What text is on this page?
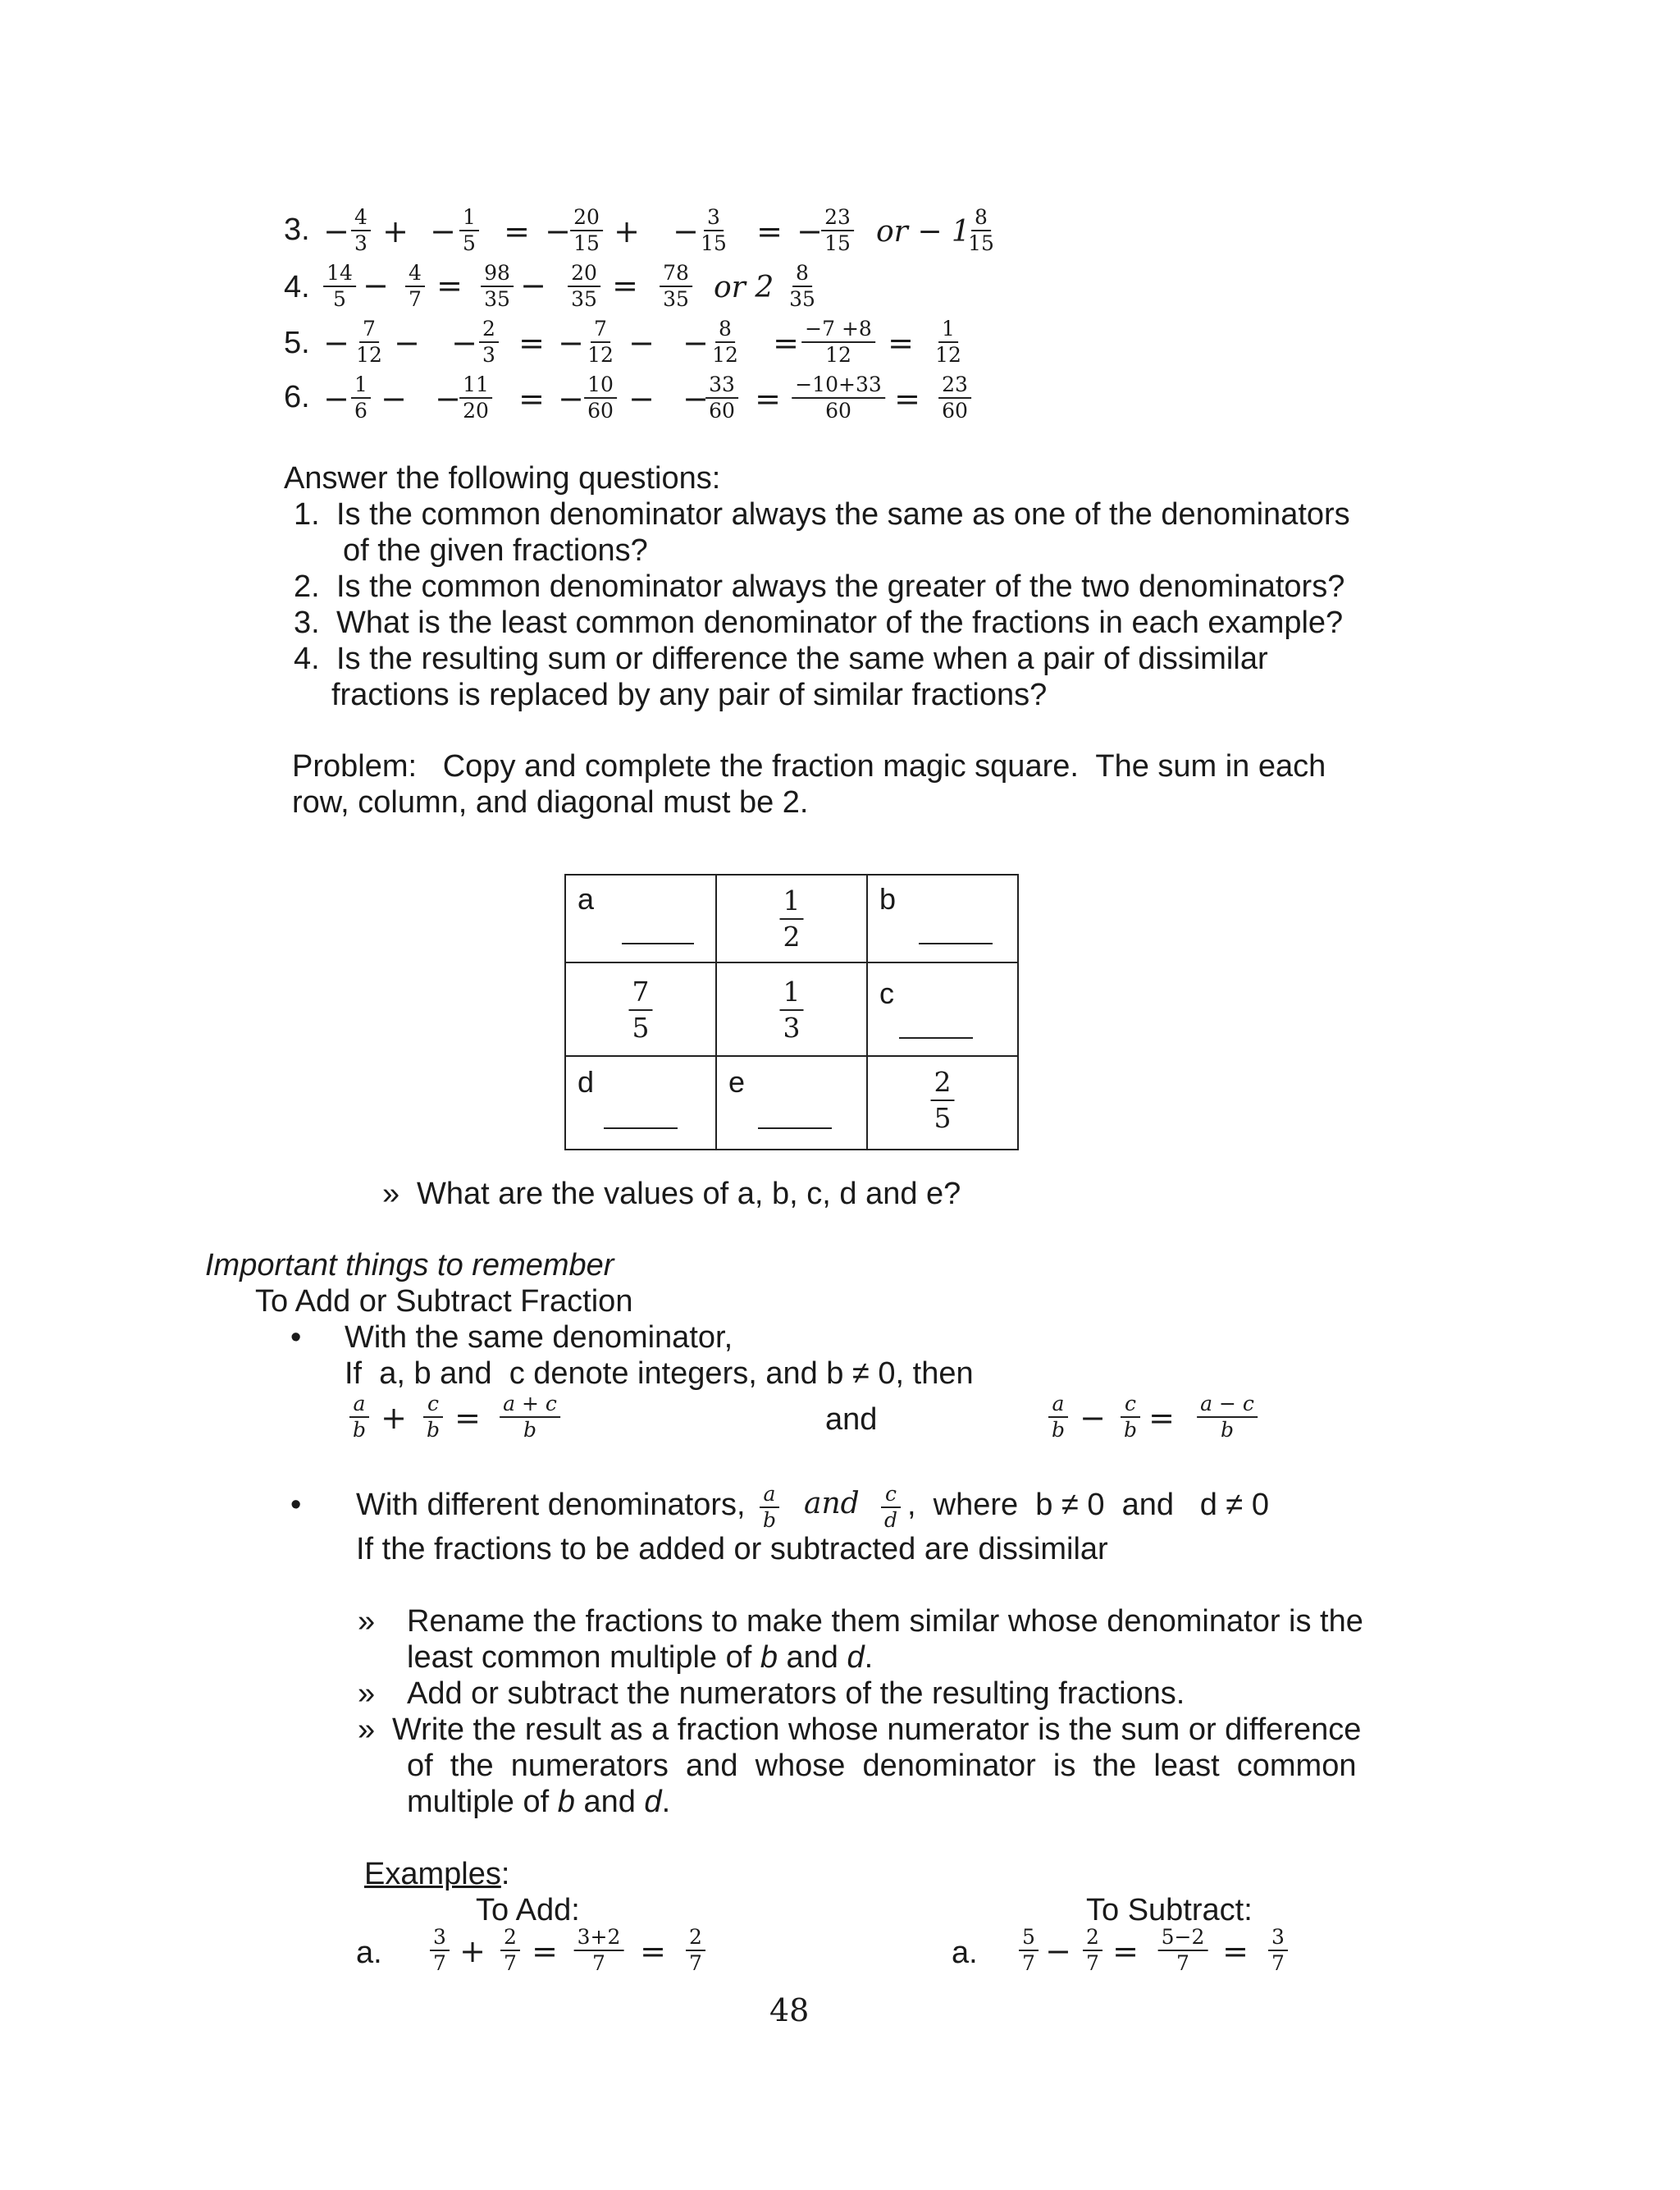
3. − $\frac{4}{3}$ + − $\frac{1}{5}$ = − $\frac{20}{15}$ + − $\frac{3}{15}$ = −
$\frac{23}{15}$ or − 1
$\frac{8}{15}$
4. $\frac{14}{5} - \frac{4}{7} = \frac{98}{35} - \frac{20}{35} = \frac{78}{35}$ or $2 \frac{8}{35}$
5. − $\frac{7}{12}$ − − $\frac{2}{3}$ = − $\frac{7}{12}$ − − $\frac{8}{12} = \frac{-7 +8}{12} = \frac{1}{12}$
6. − $\frac{1}{6}$ − −
$\frac{11}{20}$ = − $\frac{10}{60}$ − −
$\frac{33}{60} = \frac{-10+33}{60} = \frac{23}{60}$
Answer the following questions:
1. Is the common denominator always the same as one of the denominators
of the given fractions?
2. Is the common denominator always the greater of the two denominators?
3. What is the least common denominator of the fractions in each example?
4. Is the resulting sum or difference the same when a pair of dissimilar
fractions is replaced by any pair of similar fractions?
Problem:   Copy and complete the fraction magic square.  The sum in each
row, column, and diagonal must be 2.
a	$\frac{1}{2}$	b

$\frac{7}{5}$	$\frac{1}{3}$	c

d	e	$\frac{2}{5}$
» What are the values of a, b, c, d and e?
Important things to remember
To Add or Subtract Fraction
• With the same denominator,
If  a, b and  c denote integers, and b ≠ 0, then
$\frac{a}{b} + \frac{c}{b} = \frac{a + c}{b}$	and	$\frac{a}{b} - \frac{c}{b} = \frac{a - c}{b}$
• With different denominators, $\frac{a}{b}$ and $\frac{c}{d}$ ,  where  b ≠ 0  and   d ≠ 0
If the fractions to be added or subtracted are dissimilar
» Rename the fractions to make them similar whose denominator is the
least common multiple of b and d.
» Add or subtract the numerators of the resulting fractions.
» Write the result as a fraction whose numerator is the sum or difference
of  the  numerators  and  whose  denominator  is  the  least  common
multiple of b and d.
Examples:
To Add:	To Subtract:
a. $\frac{3}{7} + \frac{2}{7} = \frac{3+2}{7} = \frac{2}{7}$	a. $\frac{5}{7} - \frac{2}{7} = \frac{5-2}{7} = \frac{3}{7}$
48
